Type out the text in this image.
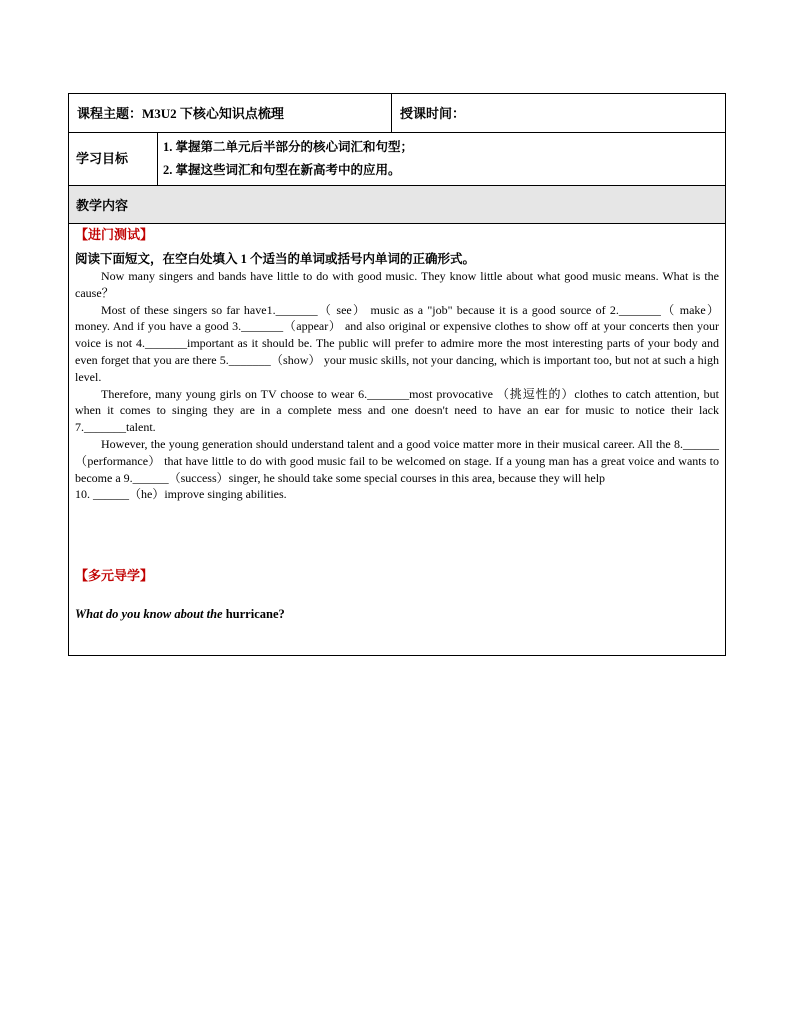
课程主题：M3U2 下核心知识点梳理	授课时间：
学习目标
1. 掌握第二单元后半部分的核心词汇和句型；
2. 掌握这些词汇和句型在新高考中的应用。
教学内容
【进门测试】
阅读下面短文，在空白处填入 1 个适当的单词或括号内单词的正确形式。

Now many singers and bands have little to do with good music. They know little about what good music means. What is the cause？

Most of these singers so far have1._______（ see） music as a "job" because it is a good source of 2._______（ make） money. And if you have a good 3._______（appear） and also original or expensive clothes to show off at your concerts then your voice is not 4._______important as it should be. The public will prefer to admire more the most interesting parts of your body and even forget that you are there 5._______（show） your music skills, not your dancing, which is important too, but not at such a high level.

Therefore, many young girls on TV choose to wear 6._______most provocative （挑逗性的）clothes to catch attention, but when it comes to singing they are in a complete mess and one doesn't need to have an ear for music to notice their lack 7._______talent.

However, the young generation should understand talent and a good voice matter more in their musical career. All the 8.______（performance） that have little to do with good music fail to be welcomed on stage. If a young man has a great voice and wants to become a 9.______（success）singer, he should take some special courses in this area, because they will help

10. ______（he）improve singing abilities.

【多元导学】
What do you know about the hurricane?
